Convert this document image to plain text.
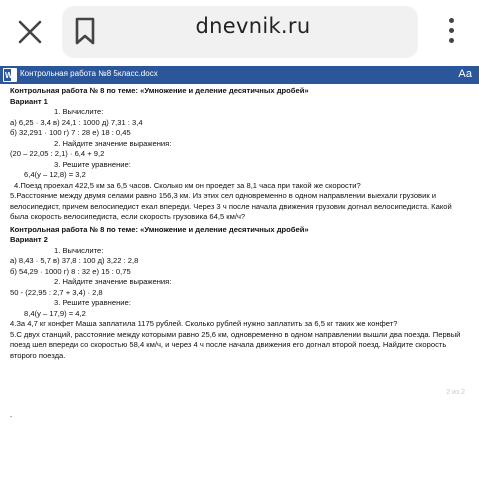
dnevnik.ru
W Контрольная работа №8 5класс.docx	Аа
Контрольная работа № 8 по теме: «Умножение и деление десятичных дробей»
Вариант 1
1. Вычислите:
а) 6,25 · 3,4 в) 24,1 : 1000 д) 7,31 : 3,4
б) 32,291 · 100 г) 7 : 28 е) 18 : 0,45
2. Найдите значение выражения:
(20 – 22,05 : 2,1) · 6,4 + 9,2
3. Решите уравнение:
6,4(у – 12,8) = 3,2
4.Поезд проехал 422,5 км за 6,5 часов. Сколько км он проедет за 8,1 часа при такой же скорости?
5.Расстояние между двумя селами равно 156,3 км. Из этих сел одновременно в одном направлении выехали грузовик и велосипедист, причем велосипедист ехал впереди. Через 3 ч после начала движения грузовик догнал велосипедиста. Какой была скорость велосипедиста, если скорость грузовика 64,5 км/ч?
Контрольная работа № 8 по теме: «Умножение и деление десятичных дробей»
Вариант 2
1. Вычислите:
а) 8,43 · 5,7 в) 37,8 : 100 д) 3,22 : 2,8
б) 54,29 · 1000 г) 8 : 32 е) 15 : 0,75
2. Найдите значение выражения:
50 - (22,95 : 2,7 + 3,4) · 2,8
3. Решите уравнение:
8,4(у – 17,9) = 4,2
4.За 4,7 кг конфет Маша заплатила 1175 рублей. Сколько рублей нужно заплатить за 6,5 кг таких же конфет?
5.С двух станций, расстояние между которыми равно 25,6 км, одновременно в одном направлении вышли два поезда. Первый поезд шел впереди со скоростью 58,4 км/ч, и через 4 ч после начала движения его догнал второй поезд. Найдите скорость второго поезда.
2 из 2
-
